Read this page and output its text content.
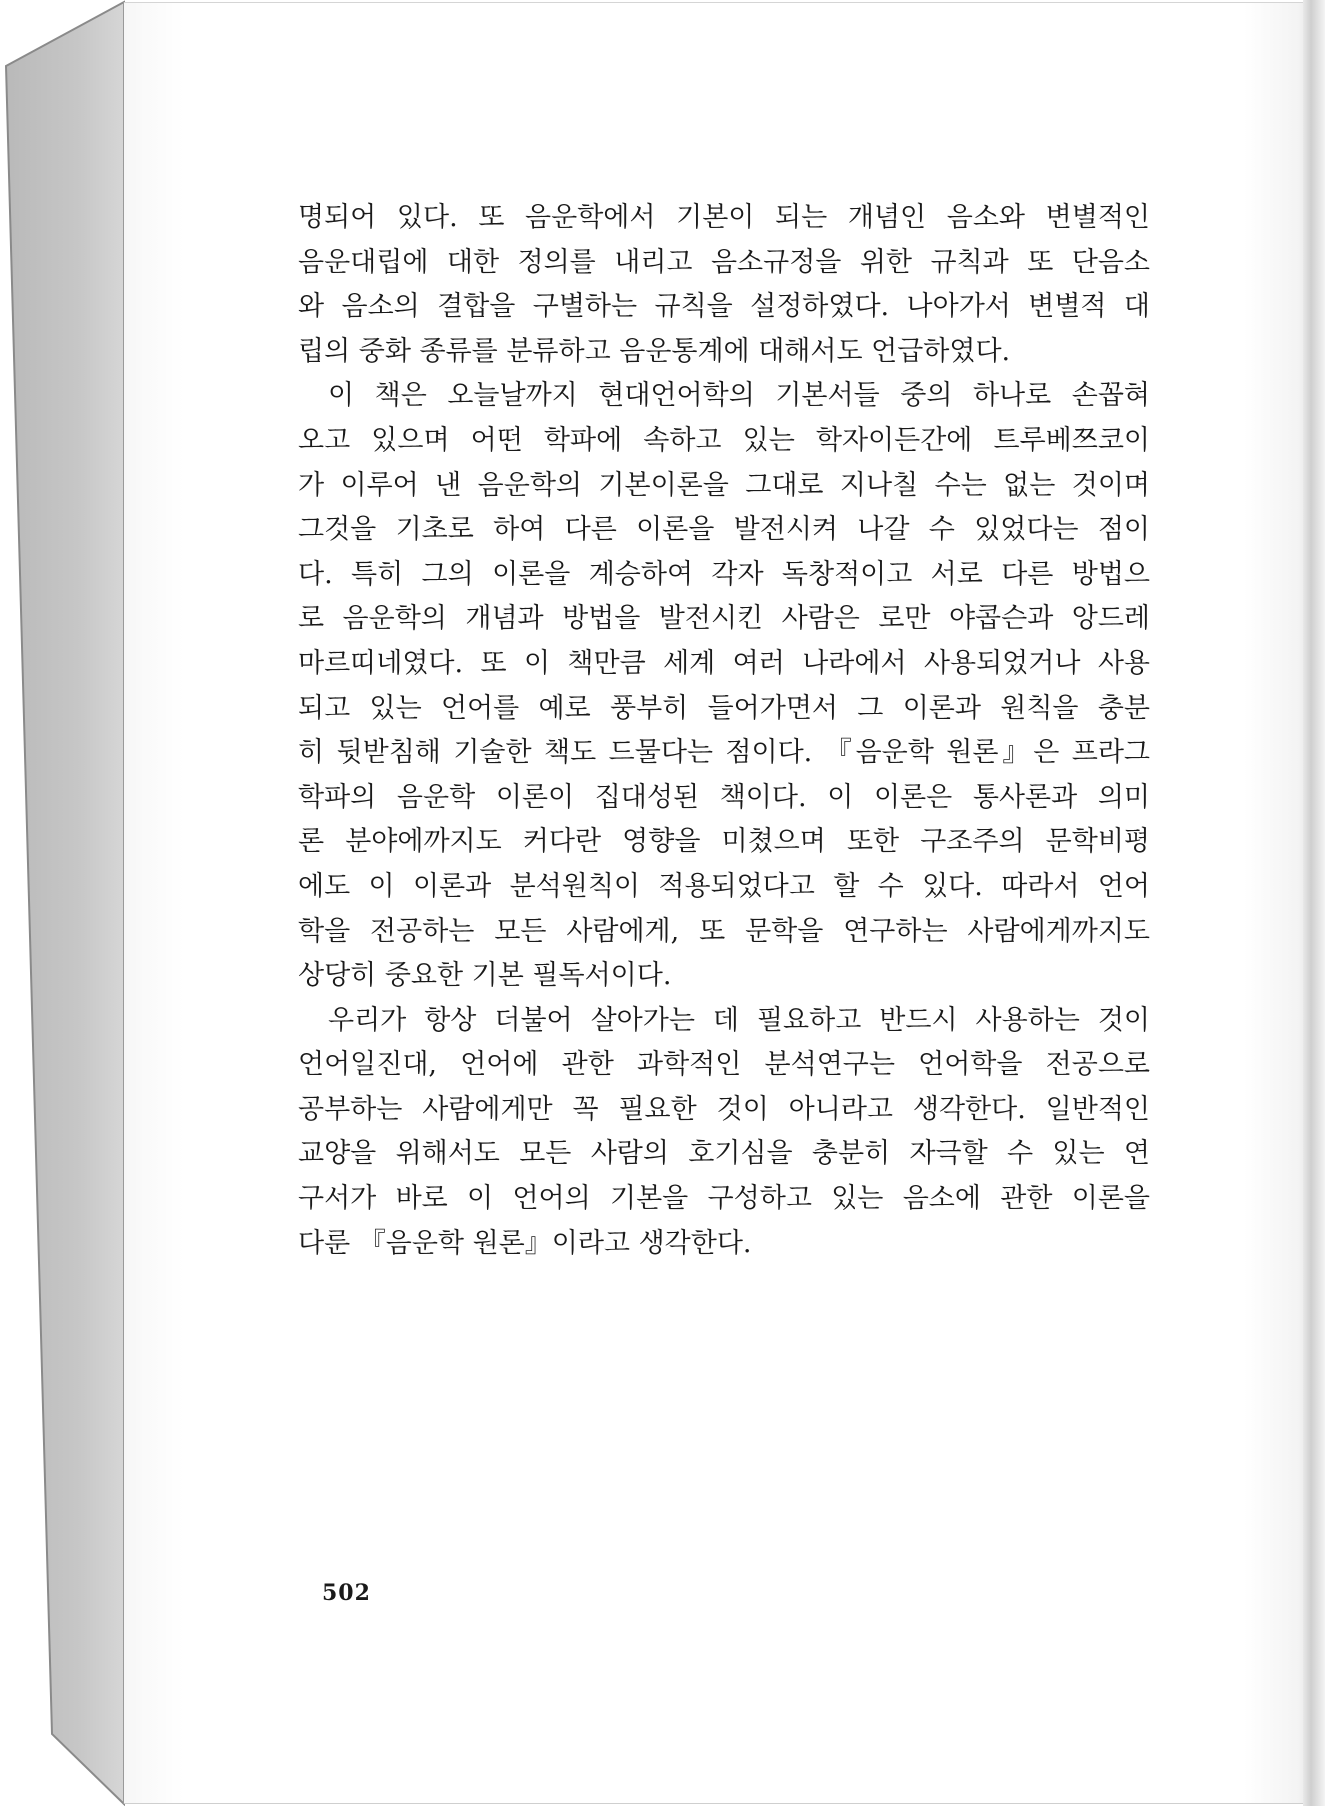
명되어 있다. 또 음운학에서 기본이 되는 개념인 음소와 변별적인
음운대립에 대한 정의를 내리고 음소규정을 위한 규칙과 또 단음소
와 음소의 결합을 구별하는 규칙을 설정하였다. 나아가서 변별적 대
립의 중화 종류를 분류하고 음운통계에 대해서도 언급하였다.
이 책은 오늘날까지 현대언어학의 기본서들 중의 하나로 손꼽혀
오고 있으며 어떤 학파에 속하고 있는 학자이든간에 트루베쯔코이
가 이루어 낸 음운학의 기본이론을 그대로 지나칠 수는 없는 것이며
그것을 기초로 하여 다른 이론을 발전시켜 나갈 수 있었다는 점이
다. 특히 그의 이론을 계승하여 각자 독창적이고 서로 다른 방법으
로 음운학의 개념과 방법을 발전시킨 사람은 로만 야콥슨과 앙드레
마르띠네였다. 또 이 책만큼 세계 여러 나라에서 사용되었거나 사용
되고 있는 언어를 예로 풍부히 들어가면서 그 이론과 원칙을 충분
히 뒷받침해 기술한 책도 드물다는 점이다. 『음운학 원론』은 프라그
학파의 음운학 이론이 집대성된 책이다. 이 이론은 통사론과 의미
론 분야에까지도 커다란 영향을 미쳤으며 또한 구조주의 문학비평
에도 이 이론과 분석원칙이 적용되었다고 할 수 있다. 따라서 언어
학을 전공하는 모든 사람에게, 또 문학을 연구하는 사람에게까지도
상당히 중요한 기본 필독서이다.
우리가 항상 더불어 살아가는 데 필요하고 반드시 사용하는 것이
언어일진대, 언어에 관한 과학적인 분석연구는 언어학을 전공으로
공부하는 사람에게만 꼭 필요한 것이 아니라고 생각한다. 일반적인
교양을 위해서도 모든 사람의 호기심을 충분히 자극할 수 있는 연
구서가 바로 이 언어의 기본을 구성하고 있는 음소에 관한 이론을
다룬 『음운학 원론』이라고 생각한다.
502
